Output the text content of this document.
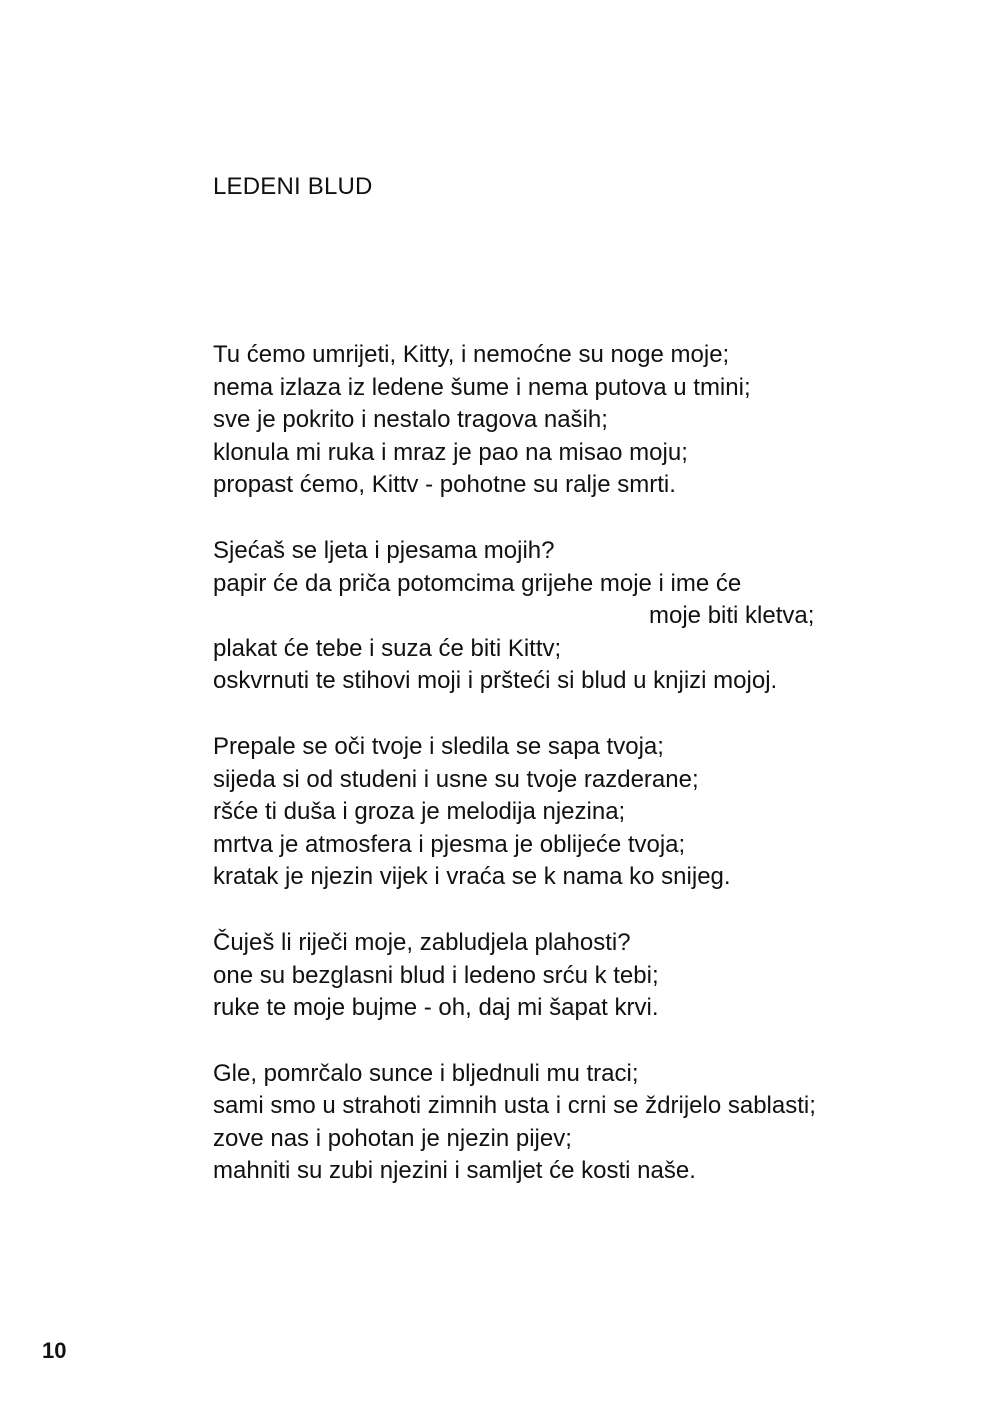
LEDENI BLUD
Tu ćemo umrijeti, Kitty, i nemoćne su noge moje;
nema izlaza iz ledene šume i nema putova u tmini;
sve je pokrito i nestalo tragova naših;
klonula mi ruka i mraz je pao na misao moju;
propast ćemo, Kittv - pohotne su ralje smrti.
Sjećaš se ljeta i pjesama mojih?
papir će da priča potomcima grijehe moje i ime će
moje biti kletva;
plakat će tebe i suza će biti Kittv;
oskvrnuti te stihovi moji i pršteći si blud u knjizi mojoj.
Prepale se oči tvoje i sledila se sapa tvoja;
sijeda si od studeni i usne su tvoje razderane;
ršće ti duša i groza je melodija njezina;
mrtva je atmosfera i pjesma je oblijeće tvoja;
kratak je njezin vijek i vraća se k nama ko snijeg.
Čuješ li riječi moje, zabludjela plahosti?
one su bezglasni blud i ledeno srću k tebi;
ruke te moje bujme - oh, daj mi šapat krvi.
Gle, pomrčalo sunce i bljednuli mu traci;
sami smo u strahoti zimnih usta i crni se ždrijelo sablasti;
zove nas i pohotan je njezin pijev;
mahniti su zubi njezini i samljet će kosti naše.

10
